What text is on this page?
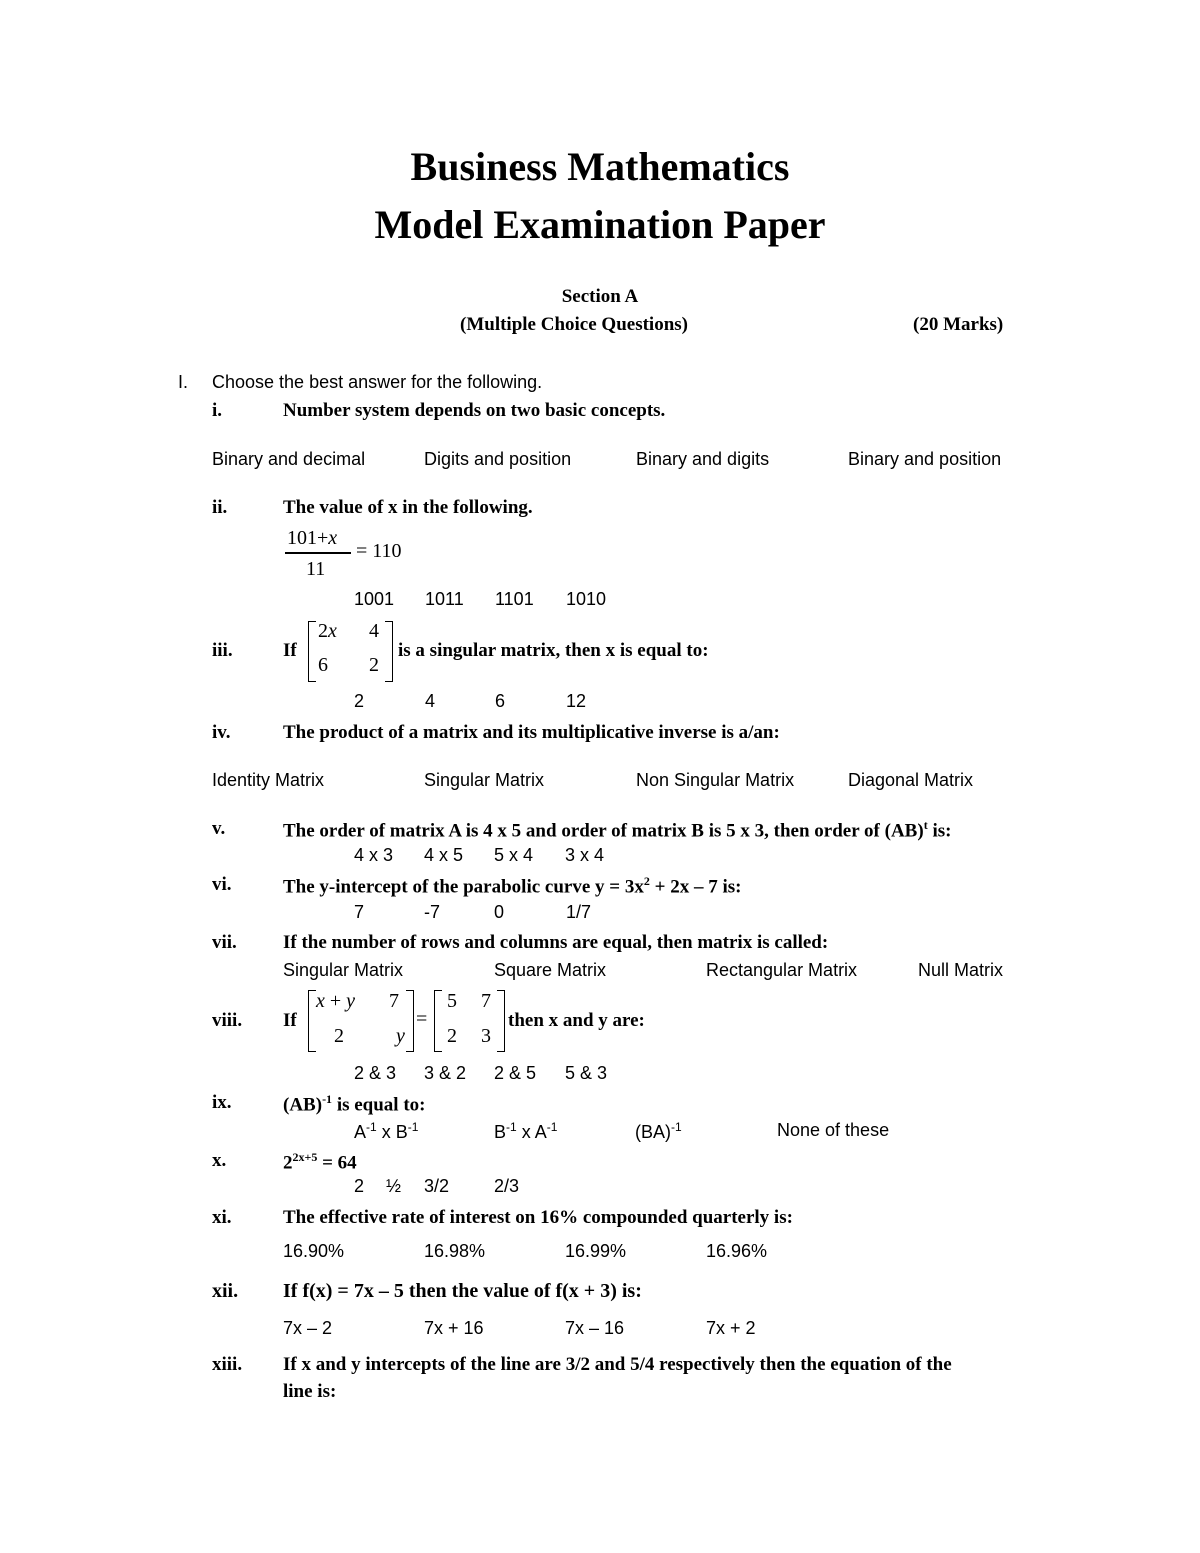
Business Mathematics
Model Examination Paper
Section A
(Multiple Choice Questions)	(20 Marks)
I. Choose the best answer for the following.
i.	Number system depends on two basic concepts.
Binary and decimal	Digits and position	Binary and digits	Binary and position
ii.	The value of x in the following.
101+x
11
= 110
1001 1011 1101 1010
iii.	If
2x 4
6 2
is a singular matrix, then x is equal to:
2	4	6	12
iv.	The product of a matrix and its multiplicative inverse is a/an:
Identity Matrix	Singular Matrix	Non Singular Matrix	Diagonal Matrix
v.	The order of matrix A is 4 x 5 and order of matrix B is 5 x 3, then order of (AB)$^t$ is:
4 x 3 4 x 5 5 x 4 3 x 4
vi.	The y-intercept of the parabolic curve $y = 3x^2 + 2x - 7$ is:
7	-7	0	1/7
vii. If the number of rows and columns are equal, then matrix is called:
Singular Matrix	Square Matrix	Rectangular Matrix	Null Matrix
viii. If
x + y 7
2	y
=
5 7
2 3
then x and y are:
2 & 3 3 & 2 2 & 5 5 & 3
ix.	(AB)$^{-1}$ is equal to:
$A^{-1}$ x $B^{-1}$	$B^{-1}$ x $A^{-1}$	(BA)$^{-1}$	None of these
x.	$2^{2x+5} = 64$
2 ½ 3/2 2/3
xi.	The effective rate of interest on 16% compounded quarterly is:
16.90%	16.98%	16.99%	16.96%
xii. If f(x) = 7x – 5 then the value of f(x + 3) is:
7x – 2	7x + 16	7x – 16	7x + 2
xiii. If x and y intercepts of the line are 3/2 and 5/4 respectively then the equation of the
line is:
